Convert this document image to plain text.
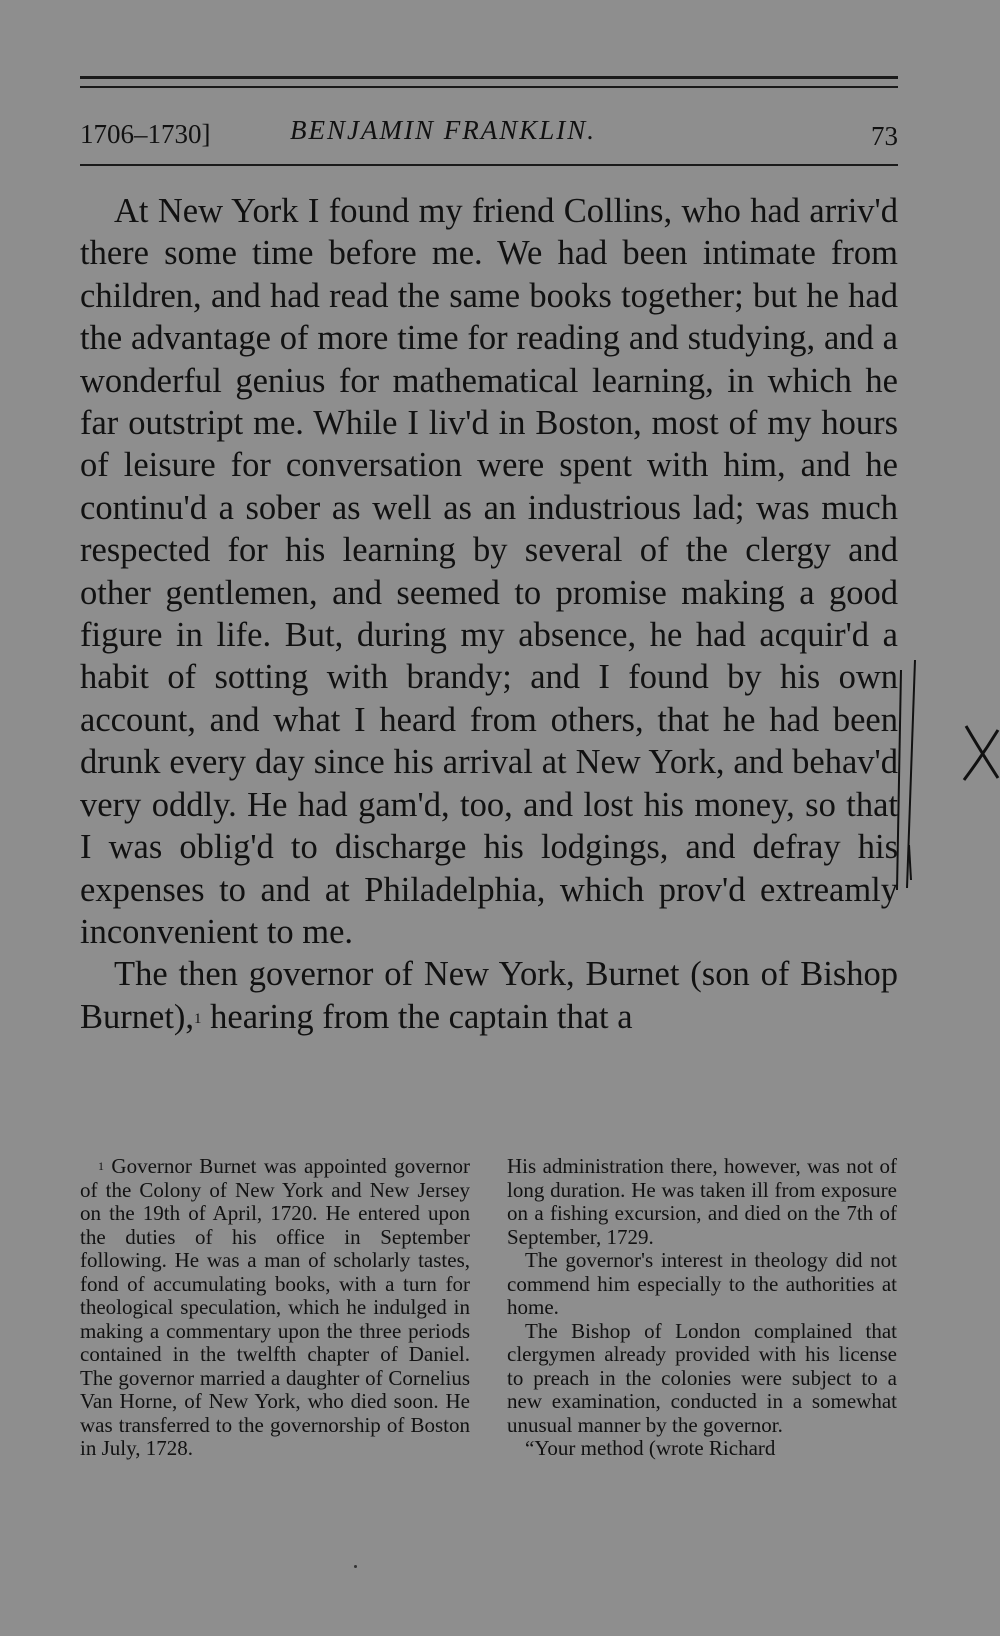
1706–1730]	BENJAMIN FRANKLIN.	73

At New York I found my friend Collins, who had arriv'd there some time before me. We had been intimate from children, and had read the same books together; but he had the advantage of more time for reading and studying, and a wonderful genius for mathematical learning, in which he far outstript me. While I liv'd in Boston, most of my hours of leisure for conversation were spent with him, and he continu'd a sober as well as an industrious lad; was much respected for his learning by several of the clergy and other gentlemen, and seemed to promise making a good figure in life. But, during my absence, he had acquir'd a habit of sotting with brandy; and I found by his own account, and what I heard from others, that he had been drunk every day since his arrival at New York, and behav'd very oddly. He had gam'd, too, and lost his money, so that I was oblig'd to discharge his lodgings, and defray his expenses to and at Philadelphia, which prov'd extreamly inconvenient to me.

The then governor of New York, Burnet (son of Bishop Burnet),$^1$ hearing from the captain that a

$^1$ Governor Burnet was appointed governor of the Colony of New York and New Jersey on the 19th of April, 1720. He entered upon the duties of his office in September following. He was a man of scholarly tastes, fond of accumulating books, with a turn for theological speculation, which he indulged in making a commentary upon the three periods contained in the twelfth chapter of Daniel. The governor married a daughter of Cornelius Van Horne, of New York, who died soon. He was transferred to the governorship of Boston in July, 1728.

His administration there, however, was not of long duration. He was taken ill from exposure on a fishing excursion, and died on the 7th of September, 1729.

The governor's interest in theology did not commend him especially to the authorities at home.

The Bishop of London complained that clergymen already provided with his license to preach in the colonies were subject to a new examination, conducted in a somewhat unusual manner by the governor.

“Your method (wrote Richard
